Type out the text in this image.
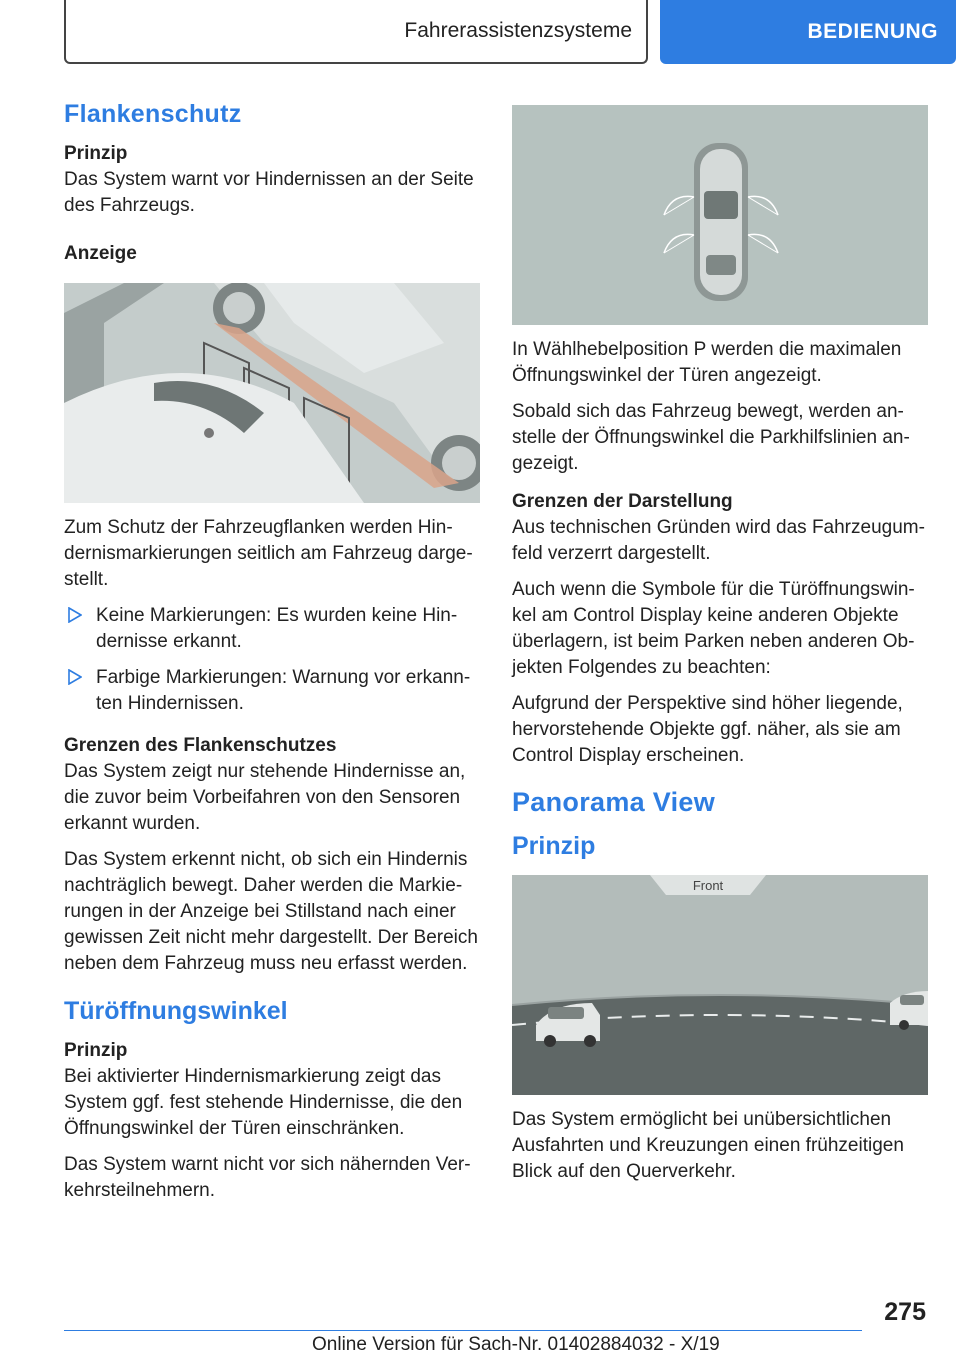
Fahrerassistenzsysteme	BEDIENUNG
Flankenschutz
Prinzip

Das System warnt vor Hindernissen an der Seite des Fahrzeugs.

Anzeige

Zum Schutz der Fahrzeugflanken werden Hindernismarkierungen seitlich am Fahrzeug dargestellt.

Keine Markierungen: Es wurden keine Hindernisse erkannt.
Farbige Markierungen: Warnung vor erkannten Hindernissen.
Grenzen des Flankenschutzes

Das System zeigt nur stehende Hindernisse an, die zuvor beim Vorbeifahren von den Sensoren erkannt wurden.

Das System erkennt nicht, ob sich ein Hindernis nachträglich bewegt. Daher werden die Markierungen in der Anzeige bei Stillstand nach einer gewissen Zeit nicht mehr dargestellt. Der Bereich neben dem Fahrzeug muss neu erfasst werden.

Türöffnungswinkel
Prinzip

Bei aktivierter Hindernismarkierung zeigt das System ggf. fest stehende Hindernisse, die den Öffnungswinkel der Türen einschränken.

Das System warnt nicht vor sich nähernden Verkehrsteilnehmern.

In Wählhebelposition P werden die maximalen Öffnungswinkel der Türen angezeigt.

Sobald sich das Fahrzeug bewegt, werden anstelle der Öffnungswinkel die Parkhilfslinien angezeigt.

Grenzen der Darstellung

Aus technischen Gründen wird das Fahrzeugumfeld verzerrt dargestellt.

Auch wenn die Symbole für die Türöffnungswinkel am Control Display keine anderen Objekte überlagern, ist beim Parken neben anderen Objekten Folgendes zu beachten:

Aufgrund der Perspektive sind höher liegende, hervorstehende Objekte ggf. näher, als sie am Control Display erscheinen.

Panorama View
Prinzip
Front

Das System ermöglicht bei unübersichtlichen Ausfahrten und Kreuzungen einen frühzeitigen Blick auf den Querverkehr.

275
Online Version für Sach-Nr. 01402884032 - X/19
